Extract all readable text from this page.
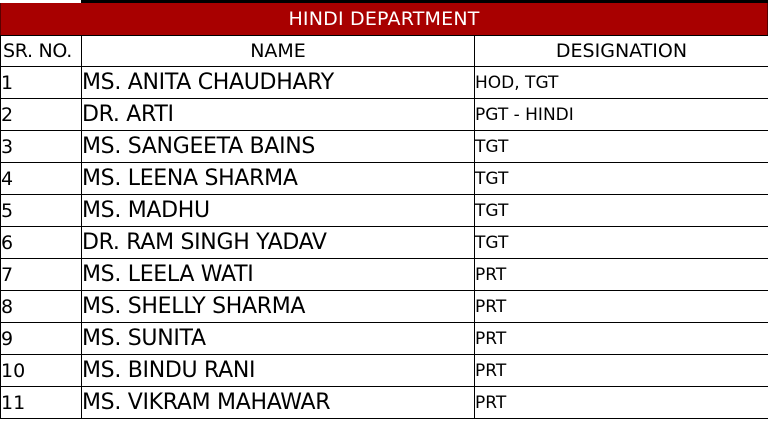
HINDI DEPARTMENT
SR. NO.	NAME	DESIGNATION
1	MS. ANITA CHAUDHARY	HOD, TGT
2	DR. ARTI	PGT - HINDI
3	MS. SANGEETA BAINS	TGT
4	MS. LEENA SHARMA	TGT
5	MS. MADHU	TGT
6	DR. RAM SINGH YADAV	TGT
7	MS. LEELA WATI	PRT
8	MS. SHELLY SHARMA	PRT
9	MS. SUNITA	PRT
10	MS. BINDU RANI	PRT
11	MS. VIKRAM MAHAWAR	PRT
